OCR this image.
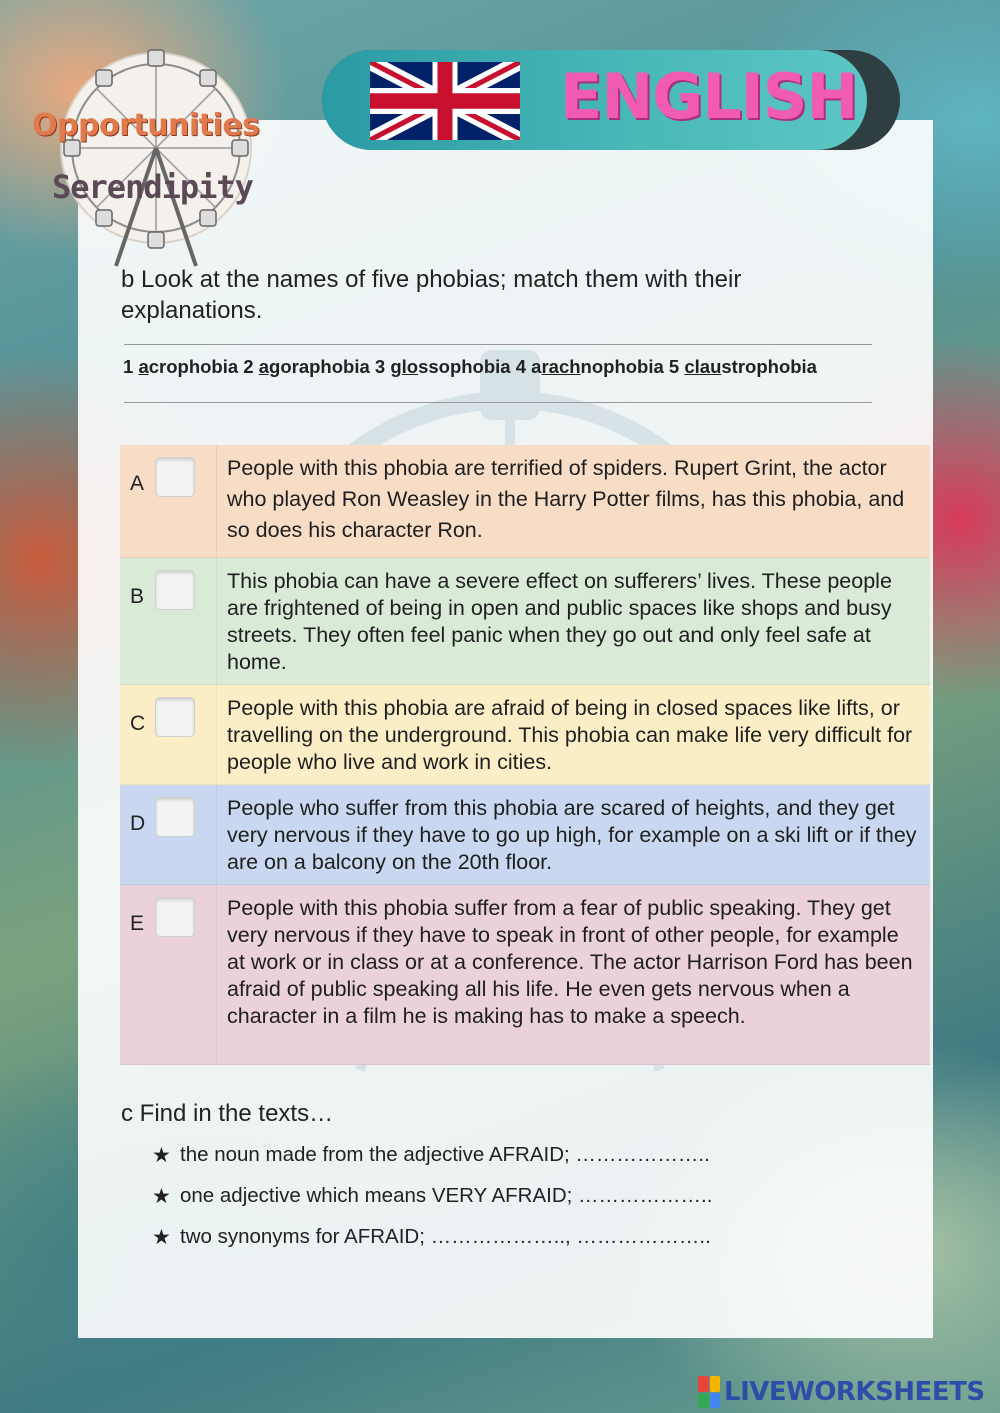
Opportunities
Serendipity
ENGLISH
b Look at the names of five phobias; match them with their explanations.
1 acrophobia 2 agoraphobia 3 glossophobia 4 arachnophobia 5 claustrophobia
A
People with this phobia are terrified of spiders. Rupert Grint, the actor who played Ron Weasley in the Harry Potter films, has this phobia, and so does his character Ron.
B
This phobia can have a severe effect on sufferers’ lives. These people are frightened of being in open and public spaces like shops and busy streets. They often feel panic when they go out and only feel safe at home.
C
People with this phobia are afraid of being in closed spaces like lifts, or travelling on the underground. This phobia can make life very difficult for people who live and work in cities.
D
People who suffer from this phobia are scared of heights, and they get very nervous if they have to go up high, for example on a ski lift or if they are on a balcony on the 20th floor.
E
People with this phobia suffer from a fear of public speaking. They get very nervous if they have to speak in front of other people, for example at work or in class or at a conference. The actor Harrison Ford has been afraid of public speaking all his life. He even gets nervous when a character in a film he is making has to make a speech.
c Find in the texts…
★ the noun made from the adjective AFRAID; ………………..
★ one adjective which means VERY AFRAID; ………………..
★ two synonyms for AFRAID; ……………….., ………………..
LIVEWORKSHEETS
